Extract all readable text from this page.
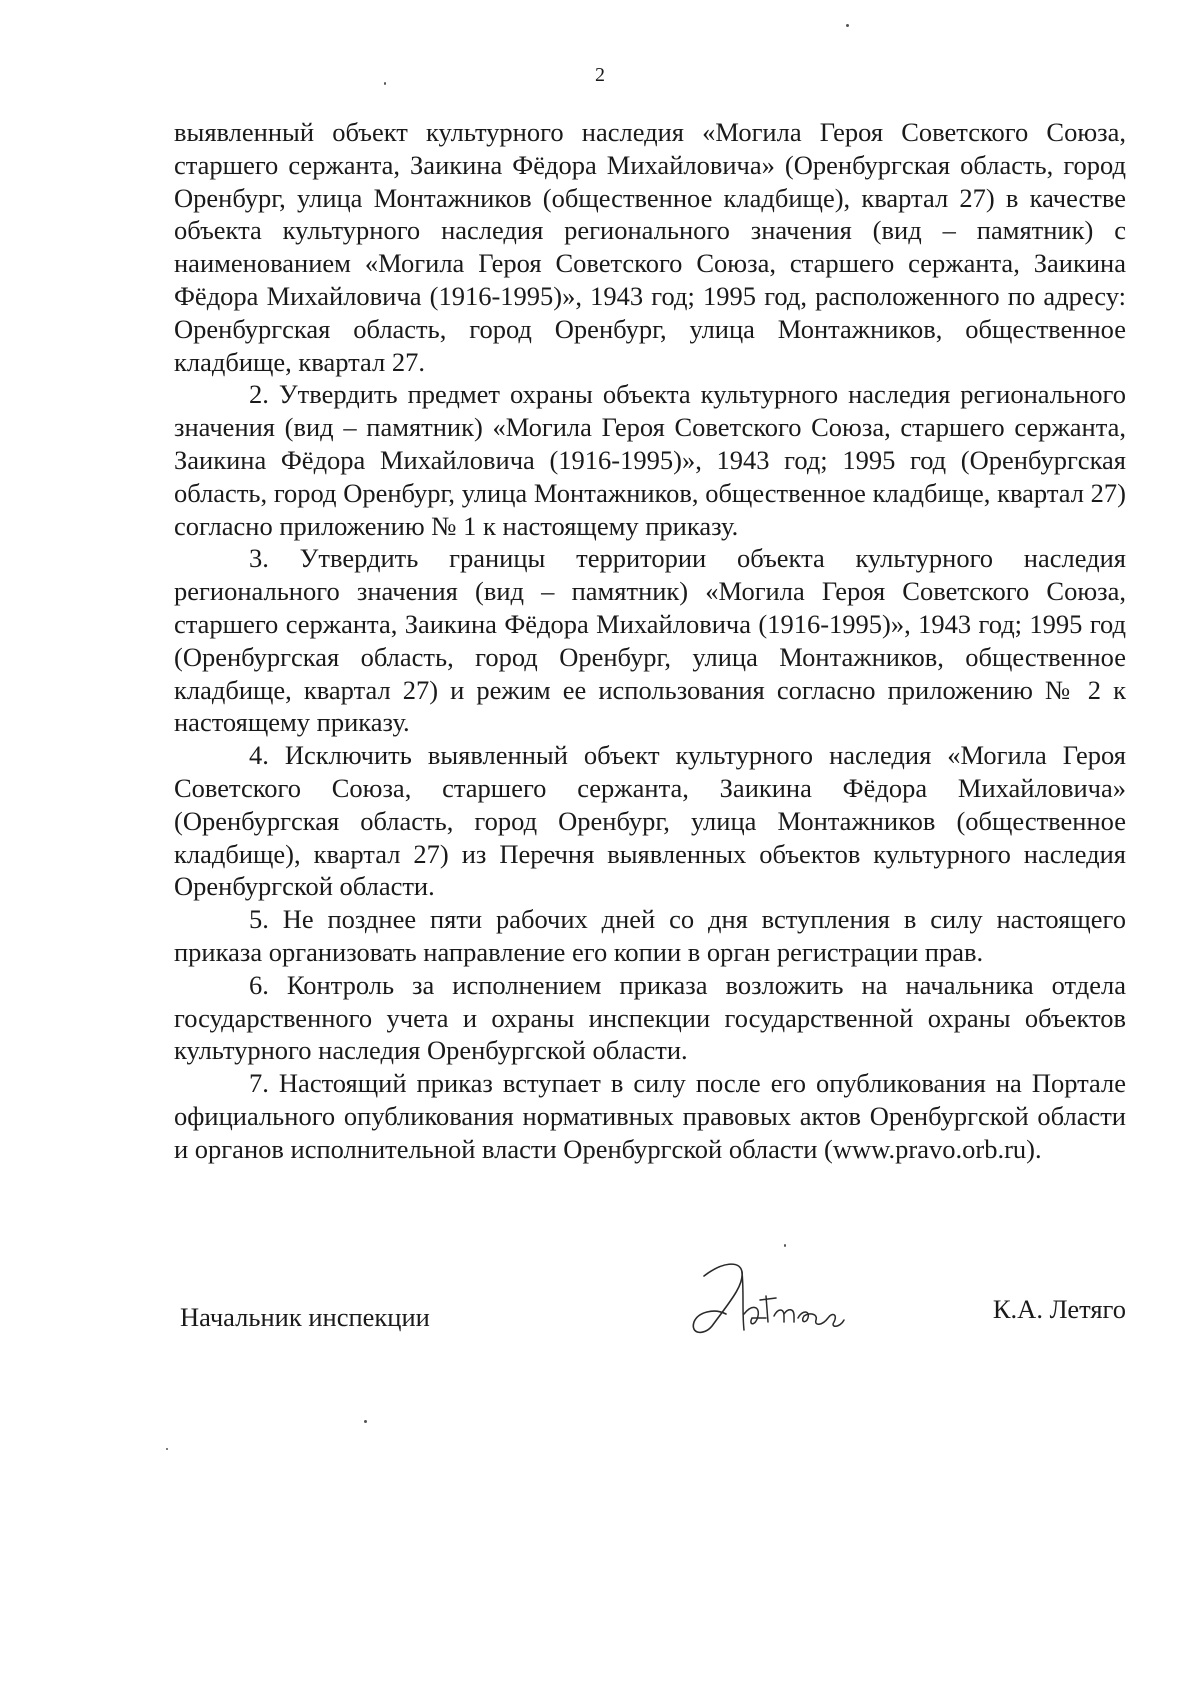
2

выявленный объект культурного наследия «Могила Героя Советского Союза, старшего сержанта, Заикина Фёдора Михайловича» (Оренбургская область, город Оренбург, улица Монтажников (общественное кладбище), квартал 27) в качестве объекта культурного наследия регионального значения (вид – памятник) с наименованием «Могила Героя Советского Союза, старшего сержанта, Заикина Фёдора Михайловича (1916-1995)», 1943 год; 1995 год, расположенного по адресу: Оренбургская область, город Оренбург, улица Монтажников, общественное кладбище, квартал 27.

2. Утвердить предмет охраны объекта культурного наследия регионального значения (вид – памятник) «Могила Героя Советского Союза, старшего сержанта, Заикина Фёдора Михайловича (1916-1995)», 1943 год; 1995 год (Оренбургская область, город Оренбург, улица Монтажников, общественное кладбище, квартал 27) согласно приложению № 1 к настоящему приказу.

3. Утвердить границы территории объекта культурного наследия регионального значения (вид – памятник) «Могила Героя Советского Союза, старшего сержанта, Заикина Фёдора Михайловича (1916-1995)», 1943 год; 1995 год (Оренбургская область, город Оренбург, улица Монтажников, общественное кладбище, квартал 27) и режим ее использования согласно приложению № 2 к настоящему приказу.

4. Исключить выявленный объект культурного наследия «Могила Героя Советского Союза, старшего сержанта, Заикина Фёдора Михайловича» (Оренбургская область, город Оренбург, улица Монтажников (общественное кладбище), квартал 27) из Перечня выявленных объектов культурного наследия Оренбургской области.

5. Не позднее пяти рабочих дней со дня вступления в силу настоящего приказа организовать направление его копии в орган регистрации прав.

6. Контроль за исполнением приказа возложить на начальника отдела государственного учета и охраны инспекции государственной охраны объектов культурного наследия Оренбургской области.

7. Настоящий приказ вступает в силу после его опубликования на Портале официального опубликования нормативных правовых актов Оренбургской области и органов исполнительной власти Оренбургской области (www.pravo.orb.ru).

Начальник инспекции	К.А. Летяго
